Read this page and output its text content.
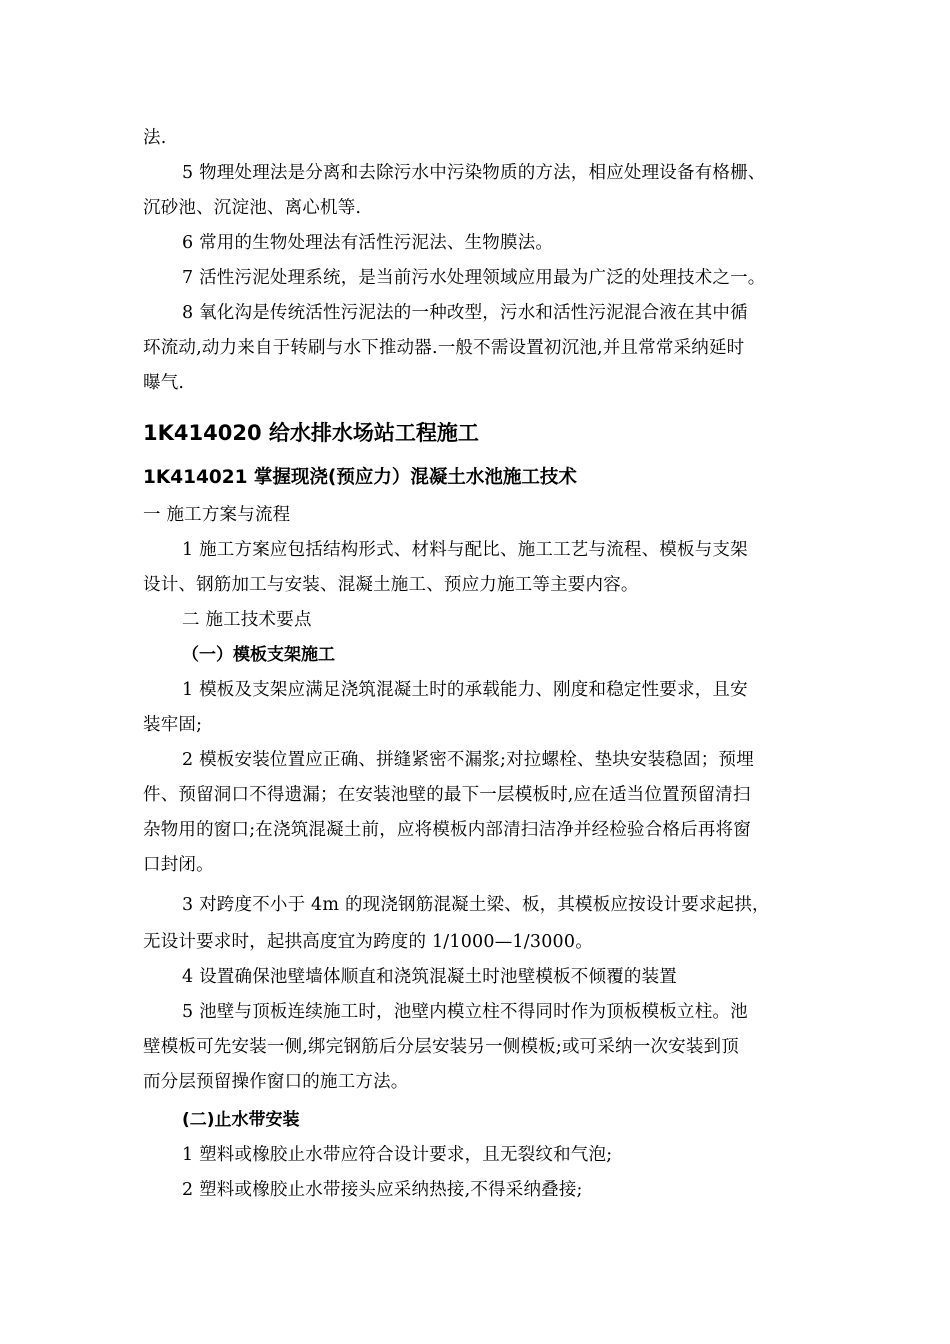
法.
5 物理处理法是分离和去除污水中污染物质的方法，相应处理设备有格栅、
沉砂池、沉淀池、离心机等.
6 常用的生物处理法有活性污泥法、生物膜法。
7 活性污泥处理系统，是当前污水处理领域应用最为广泛的处理技术之一。
8 氧化沟是传统活性污泥法的一种改型，污水和活性污泥混合液在其中循
环流动,动力来自于转刷与水下推动器.一般不需设置初沉池,并且常常采纳延时
曝气.
1K414020 给水排水场站工程施工
1K414021 掌握现浇(预应力）混凝土水池施工技术
一 施工方案与流程
1 施工方案应包括结构形式、材料与配比、施工工艺与流程、模板与支架
设计、钢筋加工与安装、混凝土施工、预应力施工等主要内容。
二 施工技术要点
（一）模板支架施工
1 模板及支架应满足浇筑混凝土时的承载能力、刚度和稳定性要求，且安
装牢固;
2 模板安装位置应正确、拼缝紧密不漏浆;对拉螺栓、垫块安装稳固；预埋
件、预留洞口不得遗漏；在安装池壁的最下一层模板时,应在适当位置预留清扫
杂物用的窗口;在浇筑混凝土前，应将模板内部清扫洁净并经检验合格后再将窗
口封闭。
3 对跨度不小于 4m 的现浇钢筋混凝土梁、板，其模板应按设计要求起拱，
无设计要求时，起拱高度宜为跨度的 1/1000—1/3000。
4 设置确保池壁墙体顺直和浇筑混凝土时池壁模板不倾覆的装置
5 池壁与顶板连续施工时，池壁内模立柱不得同时作为顶板模板立柱。池
壁模板可先安装一侧,绑完钢筋后分层安装另一侧模板;或可采纳一次安装到顶
而分层预留操作窗口的施工方法。
(二)止水带安装
1 塑料或橡胶止水带应符合设计要求，且无裂纹和气泡;
2 塑料或橡胶止水带接头应采纳热接,不得采纳叠接;
